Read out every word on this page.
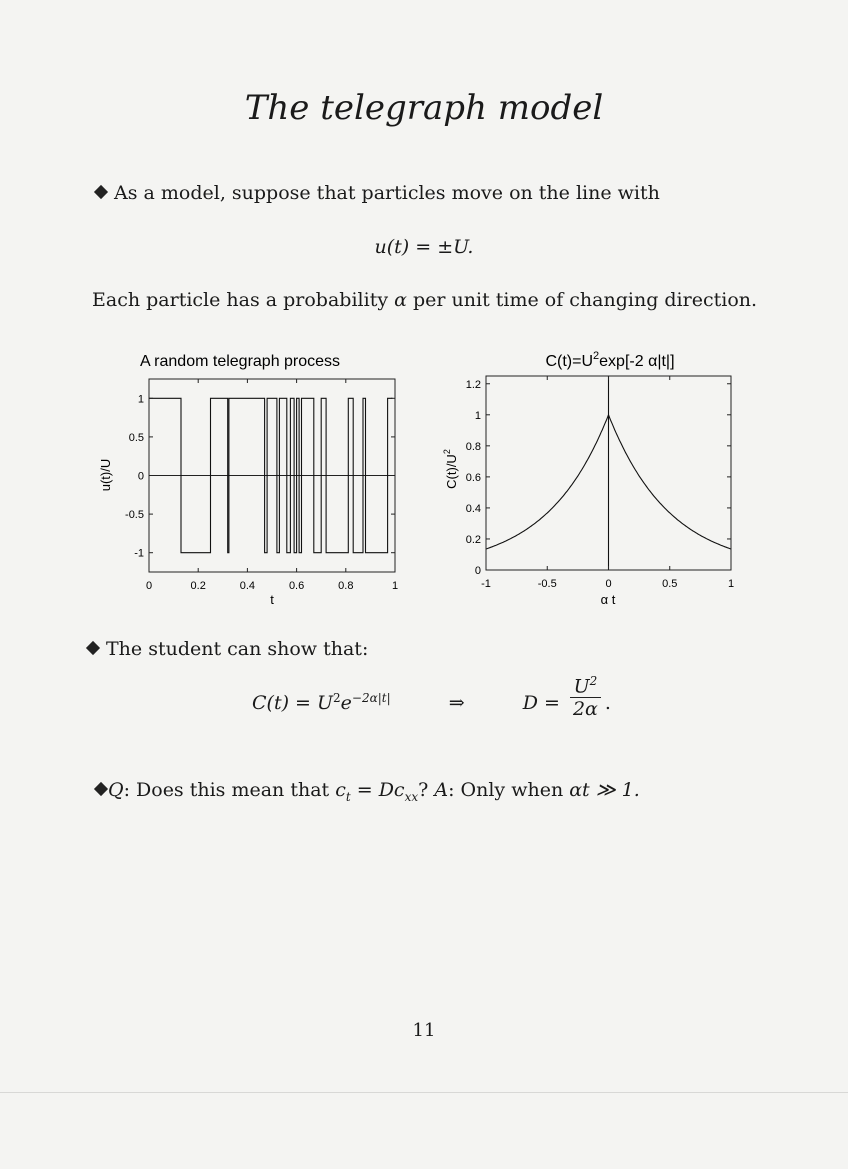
The telegraph model
As a model, suppose that particles move on the line with
u(t) = ±U.
Each particle has a probability α per unit time of changing direction.
A random telegraph process
0	0.2	0.4	0.6	0.8	1
1
0.5
0
-0.5
-1
t
u(t)/U
$C(t)=U^2\exp[-2$ α|t|]
-1	-0.5	0	0.5	1
0
0.2
0.4
0.6
0.8
1
1.2
α t
$C(t)/U^2$
The student can show that:
$C(t) = U^2e^{-2\alpha|t|}$	⇒	$D = \frac{U^2}{2\alpha}$ .
Q: Does this mean that $c_t = Dc_{xx}$? A: Only when αt ≫ 1.
11
